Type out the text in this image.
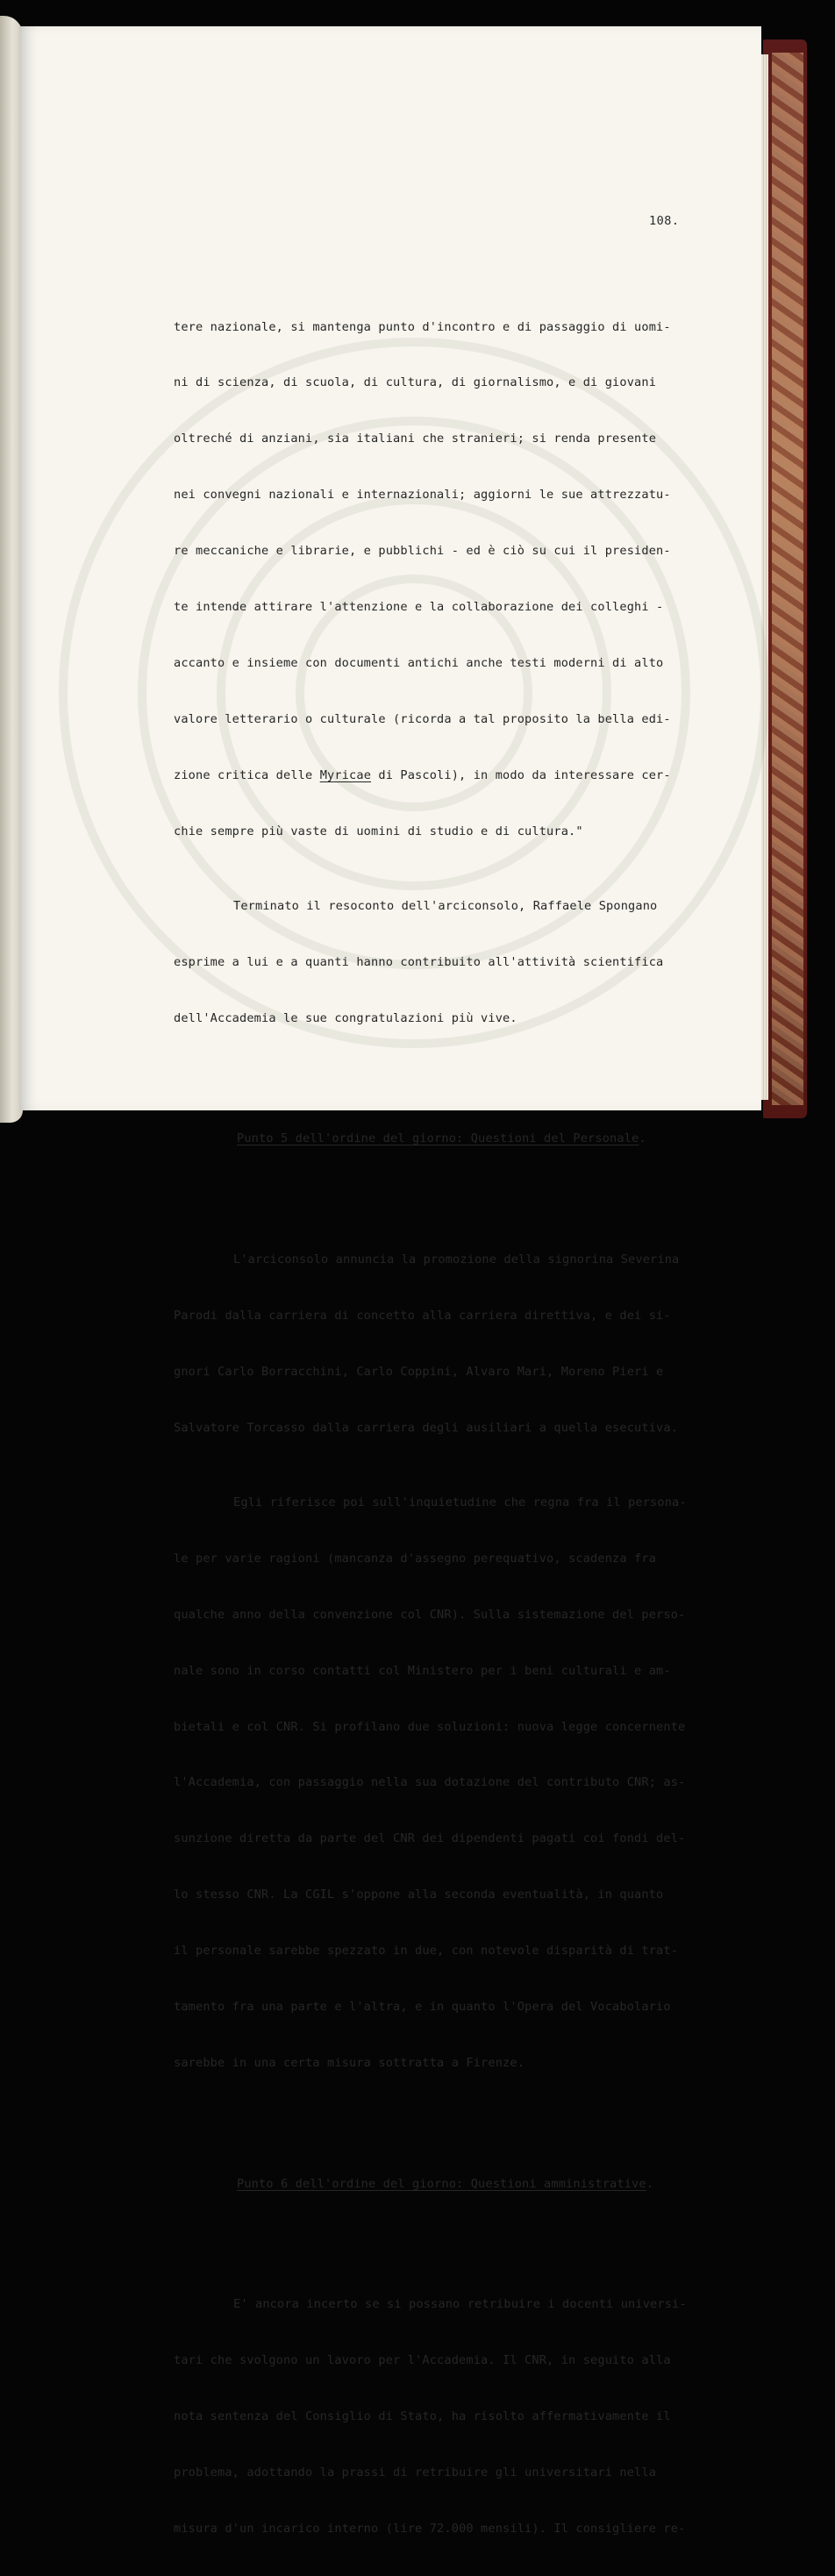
108.

tere nazionale, si mantenga punto d'incontro e di passaggio di uomi-

ni di scienza, di scuola, di cultura, di giornalismo, e di giovani

oltreché di anziani, sia italiani che stranieri; si renda presente

nei convegni nazionali e internazionali; aggiorni le sue attrezzatu-

re meccaniche e librarie, e pubblichi - ed è ciò su cui il presiden-

te intende attirare l'attenzione e la collaborazione dei colleghi -

accanto e insieme con documenti antichi anche testi moderni di alto

valore letterario o culturale (ricorda a tal proposito la bella edi-

zione critica delle Myricae di Pascoli), in modo da interessare cer-

chie sempre più vaste di uomini di studio e di cultura."

Terminato il resoconto dell'arciconsolo, Raffaele Spongano

esprime a lui e a quanti hanno contribuito all'attività scientifica

dell'Accademia le sue congratulazioni più vive.

Punto 5 dell'ordine del giorno: Questioni del Personale.

L'arciconsolo annuncia la promozione della signorina Severina

Parodi dalla carriera di concetto alla carriera direttiva, e dei si-

gnori Carlo Borracchini, Carlo Coppini, Alvaro Mari, Moreno Pieri e

Salvatore Torcasso dalla carriera degli ausiliari a quella esecutiva.

Egli riferisce poi sull'inquietudine che regna fra il persona-

le per varie ragioni (mancanza d'assegno perequativo, scadenza fra

qualche anno della convenzione col CNR). Sulla sistemazione del perso-

nale sono in corso contatti col Ministero per i beni culturali e am-

bietali e col CNR. Si profilano due soluzioni: nuova legge concernente

l'Accademia, con passaggio nella sua dotazione del contributo CNR; as-

sunzione diretta da parte del CNR dei dipendenti pagati coi fondi del-

lo stesso CNR. La CGIL s'oppone alla seconda eventualità, in quanto

il personale sarebbe spezzato in due, con notevole disparità di trat-

tamento fra una parte e l'altra, e in quanto l'Opera del Vocabolario

sarebbe in una certa misura sottratta a Firenze.

Punto 6 dell'ordine del giorno: Questioni amministrative.

E' ancora incerto se si possano retribuire i docenti universi-

tari che svolgono un lavoro per l'Accademia. Il CNR, in seguito alla

nota sentenza del Consiglio di Stato, ha risolto affermativamente il

problema, adottando la prassi di retribuire gli universitari nella

misura d'un incarico interno (lire 72.000 mensili). Il consigliere re-
